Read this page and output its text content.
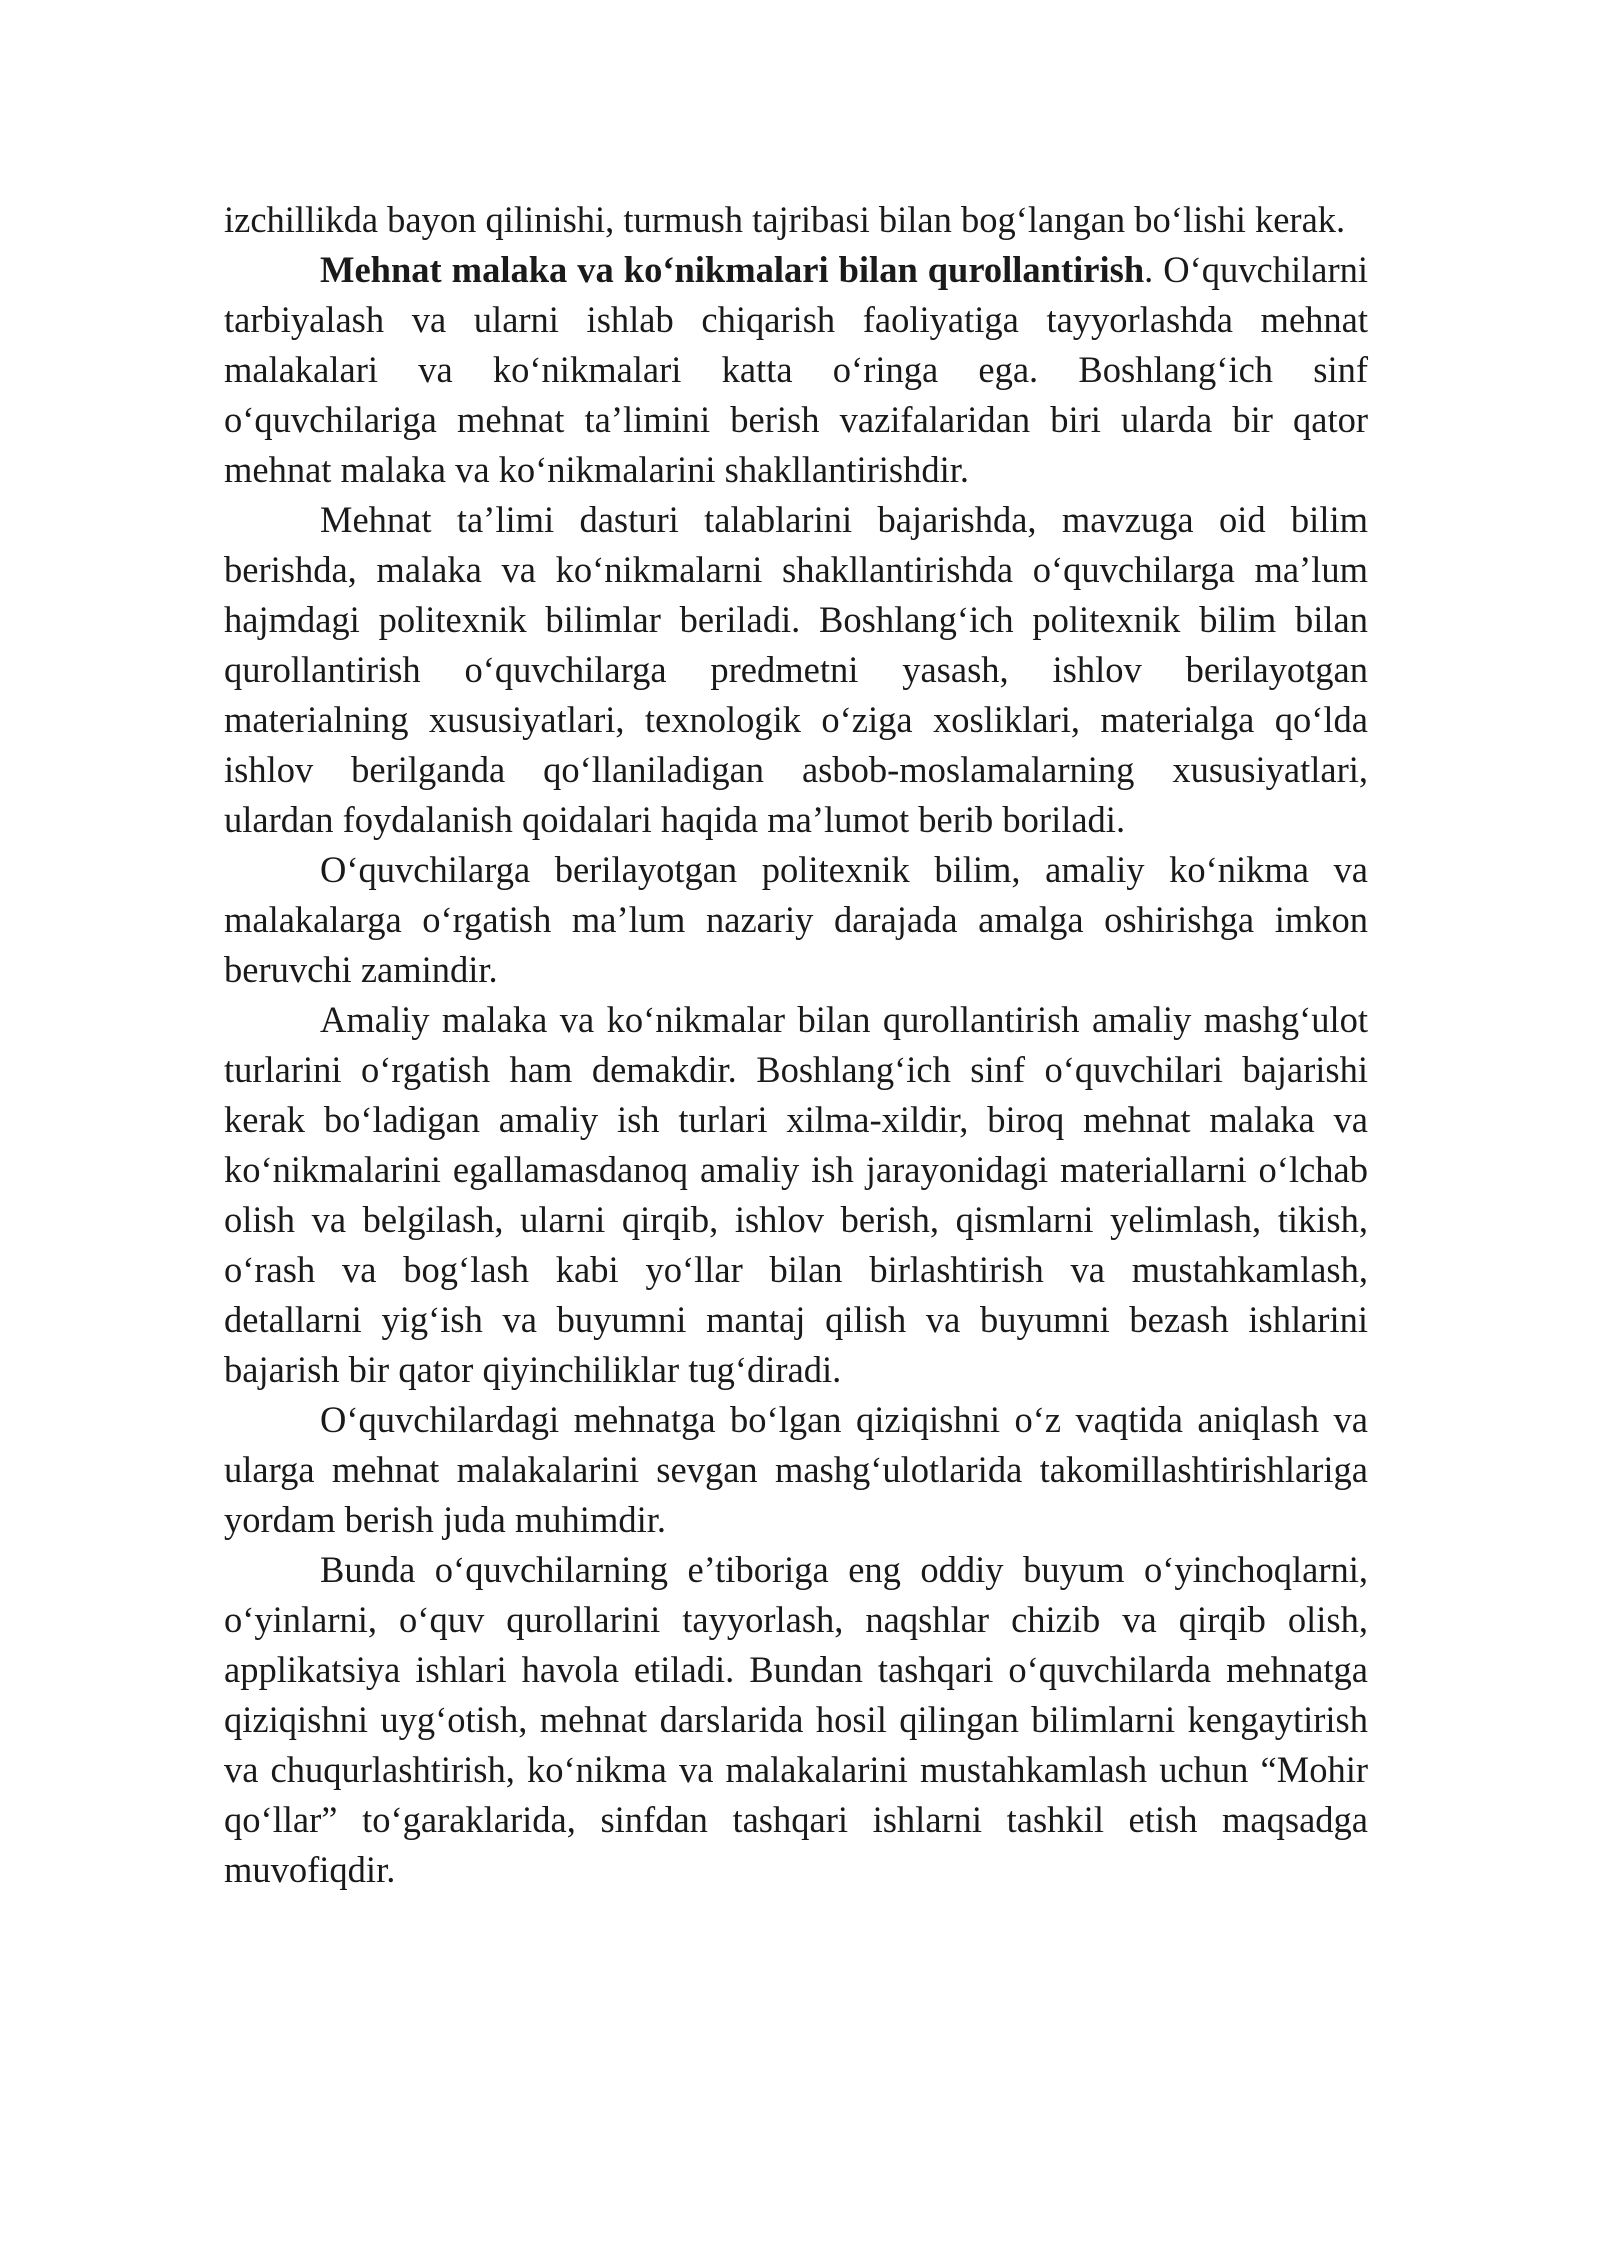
izchillikda bayon qilinishi, turmush tajribasi bilan bog‘langan bo‘lishi kerak.

Mehnat malaka va ko‘nikmalari bilan qurollantirish. O‘quvchilarni tarbiyalash va ularni ishlab chiqarish faoliyatiga tayyorlashda mehnat malakalari va ko‘nikmalari katta o‘ringa ega. Boshlang‘ich sinf o‘quvchilariga mehnat ta’limini berish vazifalaridan biri ularda bir qator mehnat malaka va ko‘nikmalarini shakllantirishdir.

Mehnat ta’limi dasturi talablarini bajarishda, mavzuga oid bilim berishda, malaka va ko‘nikmalarni shakllantirishda o‘quvchilarga ma’lum hajmdagi politexnik bilimlar beriladi. Boshlang‘ich politexnik bilim bilan qurollantirish o‘quvchilarga predmetni yasash, ishlov berilayotgan materialning xususiyatlari, texnologik o‘ziga xosliklari, materialga qo‘lda ishlov berilganda qo‘llaniladigan asbob-moslamalarning xususiyatlari, ulardan foydalanish qoidalari haqida ma’lumot berib boriladi.

O‘quvchilarga berilayotgan politexnik bilim, amaliy ko‘nikma va malakalarga o‘rgatish ma’lum nazariy darajada amalga oshirishga imkon beruvchi zamindir.

Amaliy malaka va ko‘nikmalar bilan qurollantirish amaliy mashg‘ulot turlarini o‘rgatish ham demakdir. Boshlang‘ich sinf o‘quvchilari bajarishi kerak bo‘ladigan amaliy ish turlari xilma-xildir, biroq mehnat malaka va ko‘nikmalarini egallamasdanoq amaliy ish jarayonidagi materiallarni o‘lchab olish va belgilash, ularni qirqib, ishlov berish, qismlarni yelimlash, tikish, o‘rash va bog‘lash kabi yo‘llar bilan birlashtirish va mustahkamlash, detallarni yig‘ish va buyumni mantaj qilish va buyumni bezash ishlarini bajarish bir qator qiyinchiliklar tug‘diradi.

O‘quvchilardagi mehnatga bo‘lgan qiziqishni o‘z vaqtida aniqlash va ularga mehnat malakalarini sevgan mashg‘ulotlarida takomillashtirishlariga yordam berish juda muhimdir.

Bunda o‘quvchilarning e’tiboriga eng oddiy buyum o‘yinchoqlarni, o‘yinlarni, o‘quv qurollarini tayyorlash, naqshlar chizib va qirqib olish, applikatsiya ishlari havola etiladi. Bundan tashqari o‘quvchilarda mehnatga qiziqishni uyg‘otish, mehnat darslarida hosil qilingan bilimlarni kengaytirish va chuqurlashtirish, ko‘nikma va malakalarini mustahkamlash uchun “Mohir qo‘llar” to‘garaklarida, sinfdan tashqari ishlarni tashkil etish maqsadga muvofiqdir.
